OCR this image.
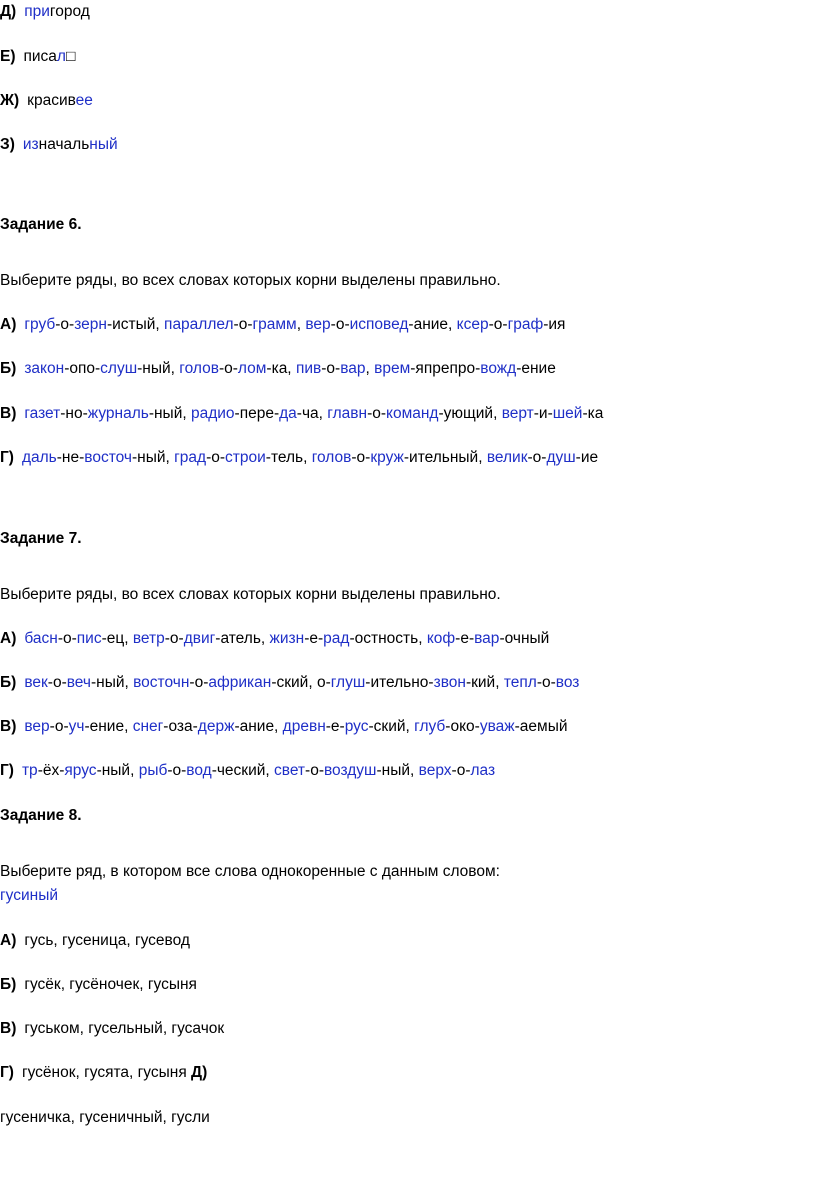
Д) пригород
Е) писал□
Ж) красивее
З) изначальный
Задание 6.
Выберите ряды, во всех словах которых корни выделены правильно.
А) груб-о-зерн-истый, параллел-о-грамм, вер-о-исповед-ание, ксер-о-граф-ия
Б) закон-опо-слуш-ный, голов-о-лом-ка, пив-о-вар, врем-япрепро-вожд-ение
В) газет-но-журналь-ный, радио-пере-да-ча, главн-о-команд-ующий, верт-и-шей-ка
Г) даль-не-восточ-ный, град-о-строи-тель, голов-о-круж-ительный, велик-о-душ-ие
Задание 7.
Выберите ряды, во всех словах которых корни выделены правильно.
А) басн-о-пис-ец, ветр-о-двиг-атель, жизн-е-рад-остность, коф-е-вар-очный
Б) век-о-веч-ный, восточн-о-африкан-ский, о-глуш-ительно-звон-кий, тепл-о-воз
В) вер-о-уч-ение, снег-оза-держ-ание, древн-е-рус-ский, глуб-око-уваж-аемый
Г) тр-ёх-ярус-ный, рыб-о-вод-ческий, свет-о-воздуш-ный, верх-о-лаз
Задание 8.
Выберите ряд, в котором все слова однокоренные с данным словом:
гусиный
А) гусь, гусеница, гусевод
Б) гусёк, гусёночек, гусыня
В) гуськом, гусельный, гусачок
Г) гусёнок, гусята, гусыня Д)
гусеничка, гусеничный, гусли
